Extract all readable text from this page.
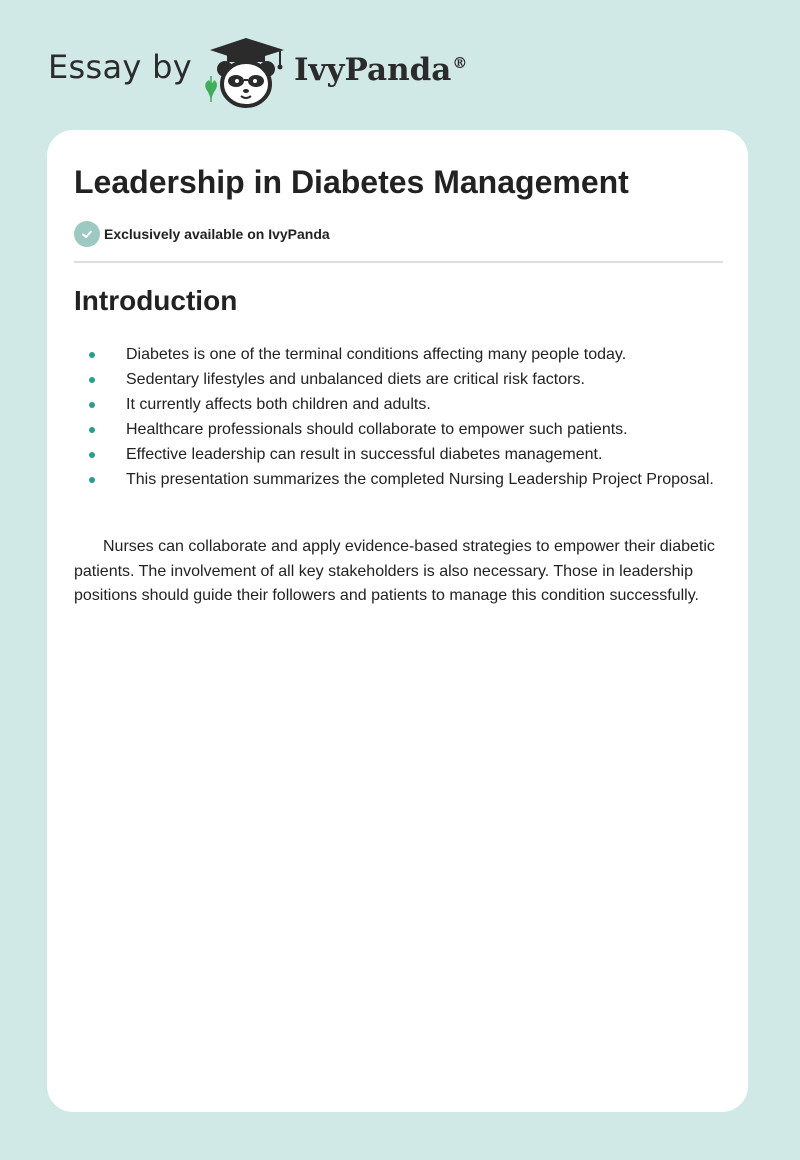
Essay by	IvyPanda®
Leadership in Diabetes Management
Exclusively available on IvyPanda
Introduction
Diabetes is one of the terminal conditions affecting many people today.
Sedentary lifestyles and unbalanced diets are critical risk factors.
It currently affects both children and adults.
Healthcare professionals should collaborate to empower such patients.
Effective leadership can result in successful diabetes management.
This presentation summarizes the completed Nursing Leadership Project Proposal.

Nurses can collaborate and apply evidence-based strategies to empower their diabetic patients. The involvement of all key stakeholders is also necessary. Those in leadership positions should guide their followers and patients to manage this condition successfully.
